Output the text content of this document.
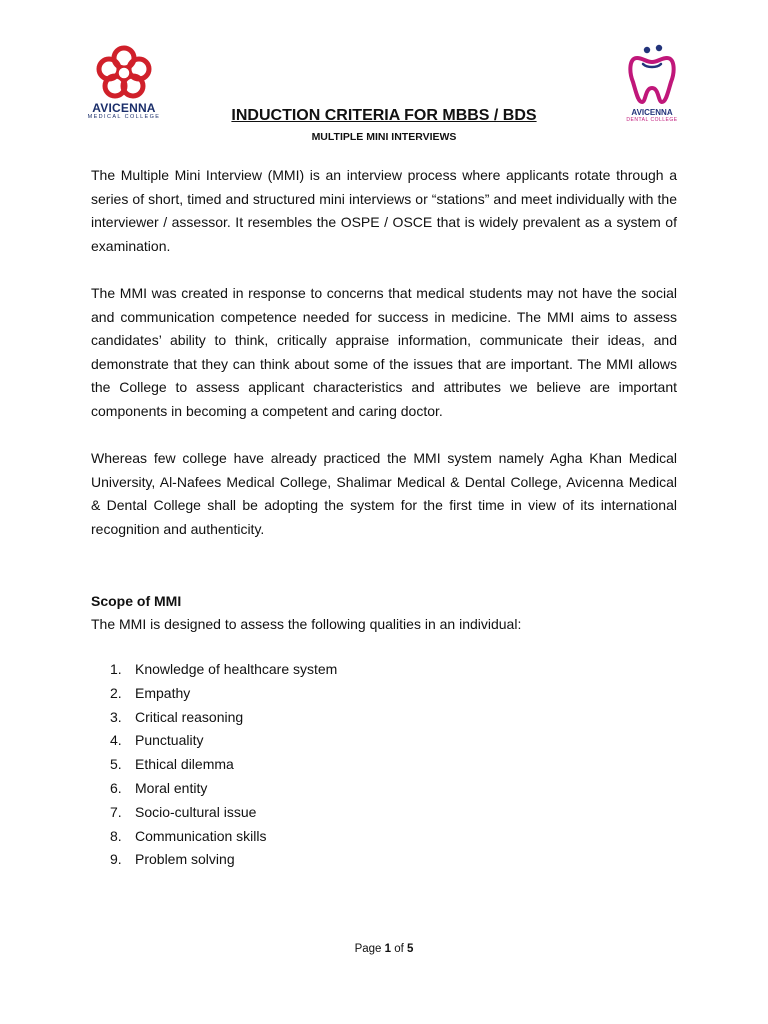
AVICENNA
MEDICAL COLLEGE	AVICENNA
DENTAL COLLEGE
INDUCTION CRITERIA FOR MBBS / BDS
MULTIPLE MINI INTERVIEWS

The Multiple Mini Interview (MMI) is an interview process where applicants rotate through a series of short, timed and structured mini interviews or “stations” and meet individually with the interviewer / assessor. It resembles the OSPE / OSCE that is widely prevalent as a system of examination.

The MMI was created in response to concerns that medical students may not have the social and communication competence needed for success in medicine. The MMI aims to assess candidates’ ability to think, critically appraise information, communicate their ideas, and demonstrate that they can think about some of the issues that are important. The MMI allows the College to assess applicant characteristics and attributes we believe are important components in becoming a competent and caring doctor.

Whereas few college have already practiced the MMI system namely Agha Khan Medical University, Al-Nafees Medical College, Shalimar Medical & Dental College, Avicenna Medical & Dental College shall be adopting the system for the first time in view of its international recognition and authenticity.

Scope of MMI
The MMI is designed to assess the following qualities in an individual:
1. Knowledge of healthcare system
2. Empathy
3. Critical reasoning
4. Punctuality
5. Ethical dilemma
6. Moral entity
7. Socio-cultural issue
8. Communication skills
9. Problem solving
Page 1 of 5
